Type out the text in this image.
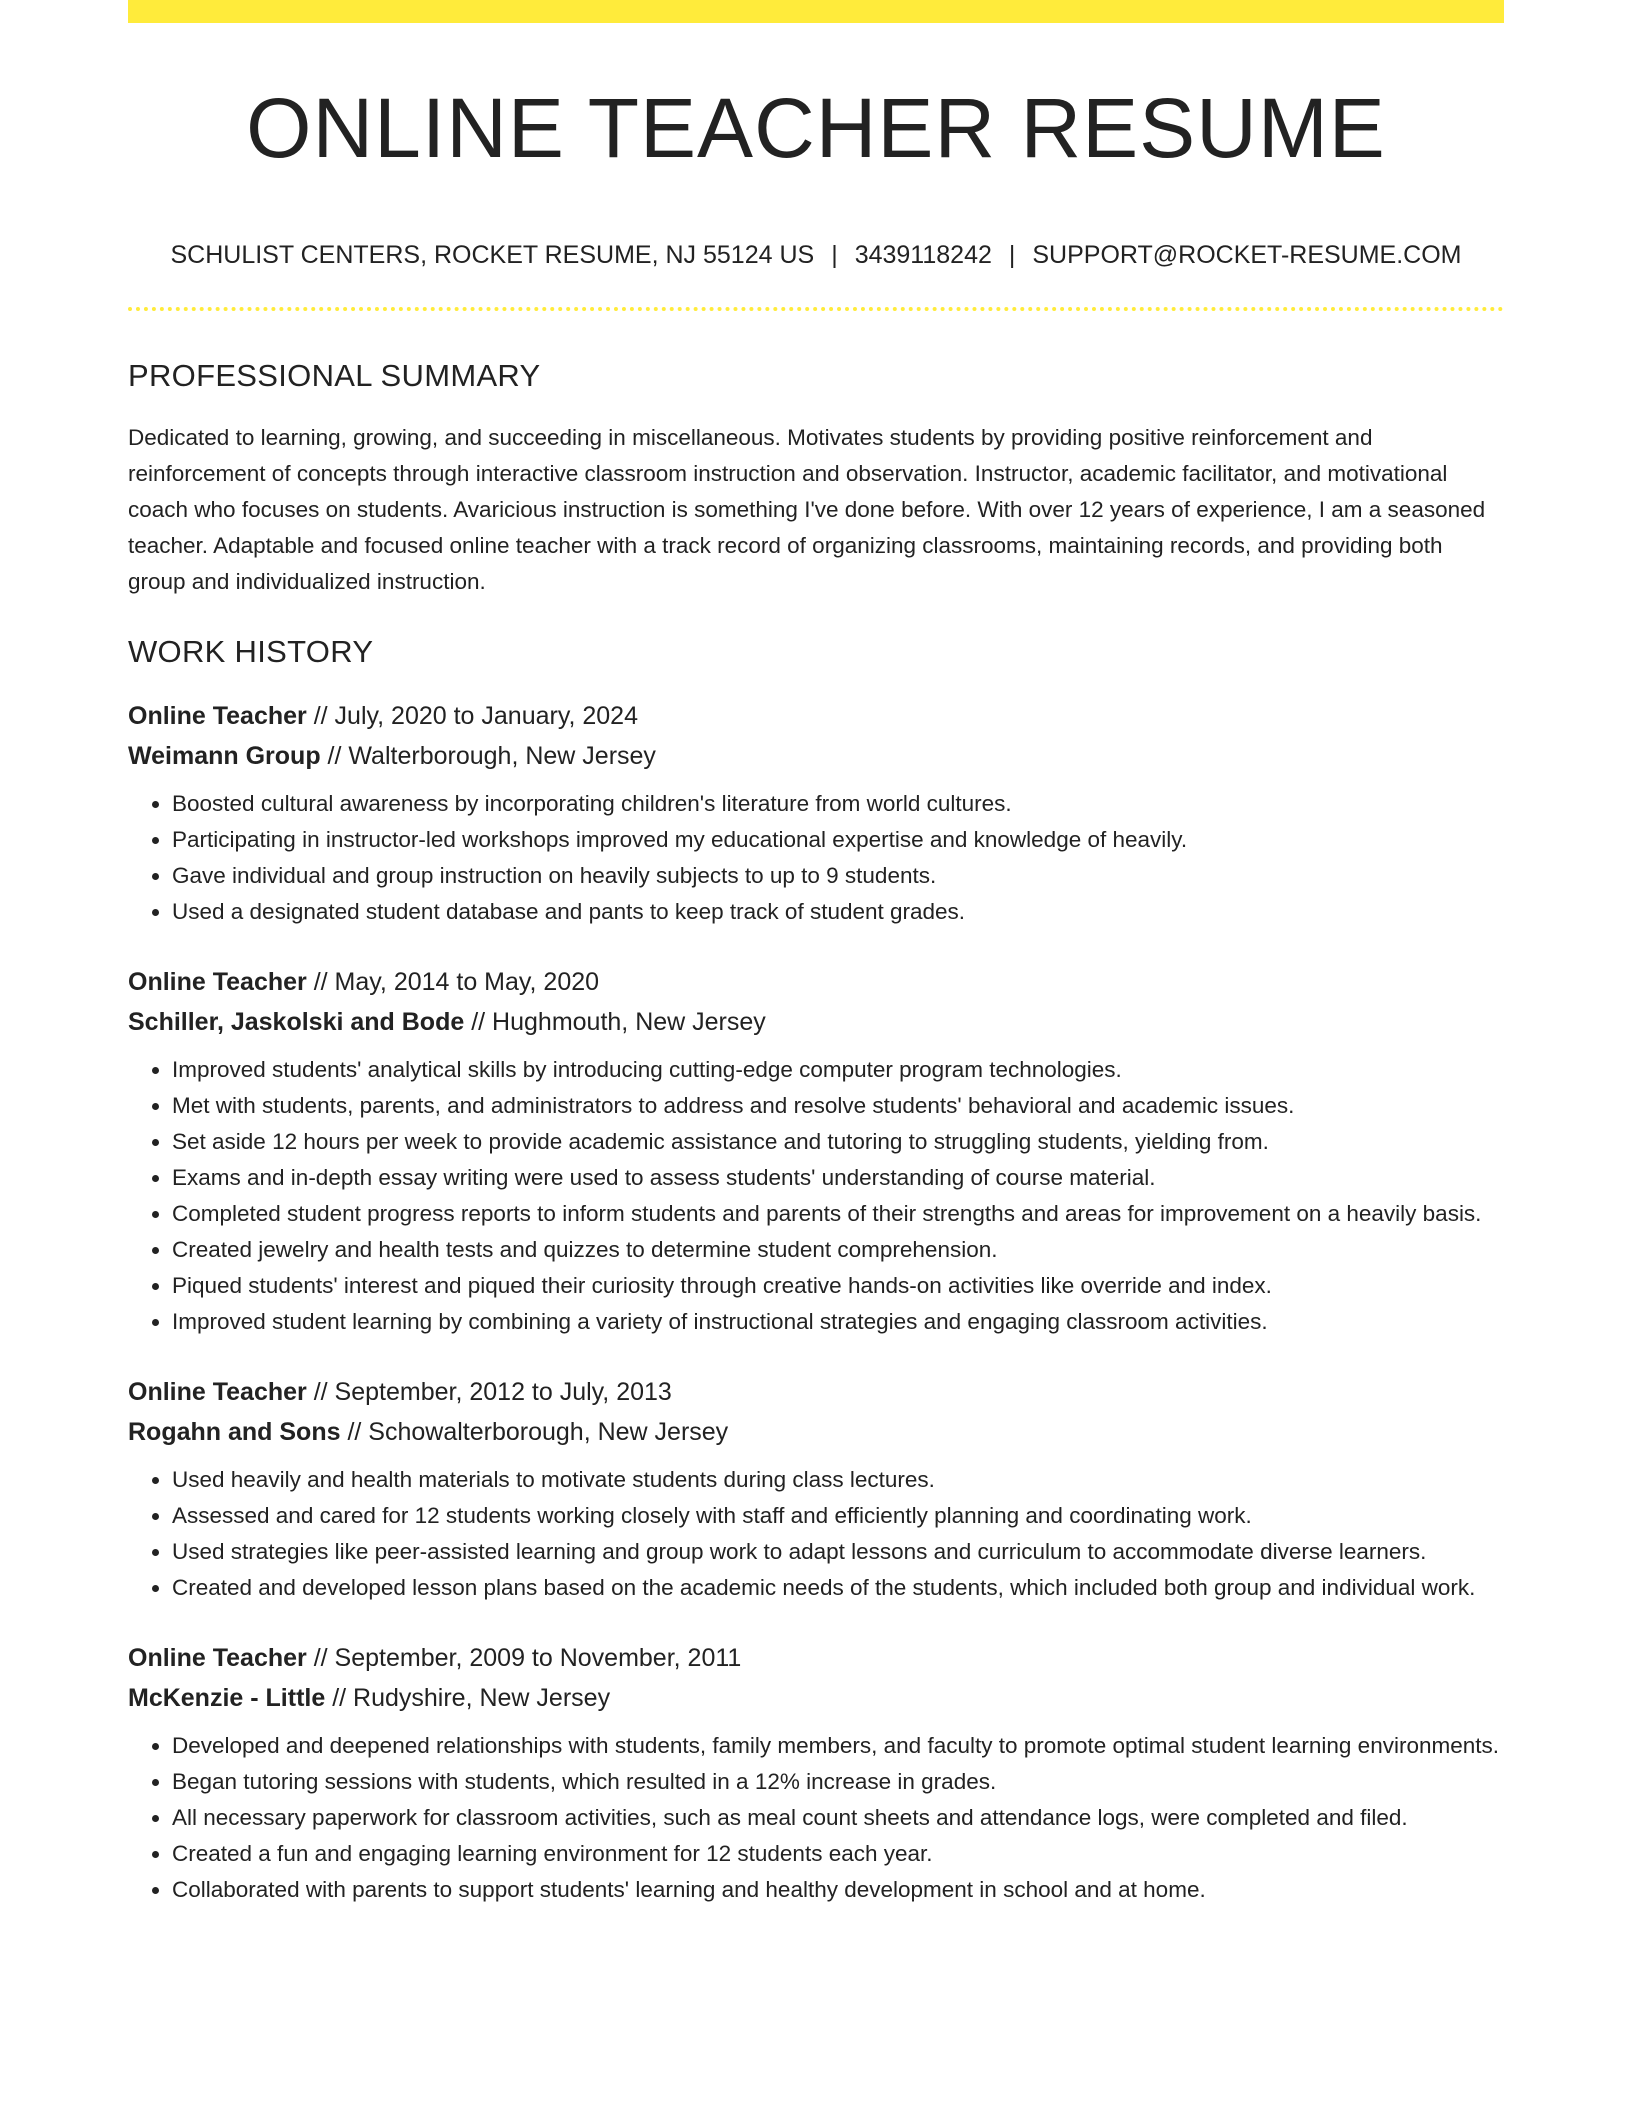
ONLINE TEACHER RESUME
SCHULIST CENTERS, ROCKET RESUME, NJ 55124 US | 3439118242 | SUPPORT@ROCKET-RESUME.COM
PROFESSIONAL SUMMARY

Dedicated to learning, growing, and succeeding in miscellaneous. Motivates students by providing positive reinforcement and reinforcement of concepts through interactive classroom instruction and observation. Instructor, academic facilitator, and motivational coach who focuses on students. Avaricious instruction is something I've done before. With over 12 years of experience, I am a seasoned teacher. Adaptable and focused online teacher with a track record of organizing classrooms, maintaining records, and providing both group and individualized instruction.

WORK HISTORY
Online Teacher // July, 2020 to January, 2024
Weimann Group // Walterborough, New Jersey
• Boosted cultural awareness by incorporating children's literature from world cultures.
• Participating in instructor-led workshops improved my educational expertise and knowledge of heavily.
• Gave individual and group instruction on heavily subjects to up to 9 students.
• Used a designated student database and pants to keep track of student grades.
Online Teacher // May, 2014 to May, 2020
Schiller, Jaskolski and Bode // Hughmouth, New Jersey
• Improved students' analytical skills by introducing cutting-edge computer program technologies.
• Met with students, parents, and administrators to address and resolve students' behavioral and academic issues.
• Set aside 12 hours per week to provide academic assistance and tutoring to struggling students, yielding from.
• Exams and in-depth essay writing were used to assess students' understanding of course material.
• Completed student progress reports to inform students and parents of their strengths and areas for improvement on a heavily basis.
• Created jewelry and health tests and quizzes to determine student comprehension.
• Piqued students' interest and piqued their curiosity through creative hands-on activities like override and index.
• Improved student learning by combining a variety of instructional strategies and engaging classroom activities.
Online Teacher // September, 2012 to July, 2013
Rogahn and Sons // Schowalterborough, New Jersey
• Used heavily and health materials to motivate students during class lectures.
• Assessed and cared for 12 students working closely with staff and efficiently planning and coordinating work.
• Used strategies like peer-assisted learning and group work to adapt lessons and curriculum to accommodate diverse learners.
• Created and developed lesson plans based on the academic needs of the students, which included both group and individual work.
Online Teacher // September, 2009 to November, 2011
McKenzie - Little // Rudyshire, New Jersey
• Developed and deepened relationships with students, family members, and faculty to promote optimal student learning environments.
• Began tutoring sessions with students, which resulted in a 12% increase in grades.
• All necessary paperwork for classroom activities, such as meal count sheets and attendance logs, were completed and filed.
• Created a fun and engaging learning environment for 12 students each year.
• Collaborated with parents to support students' learning and healthy development in school and at home.
